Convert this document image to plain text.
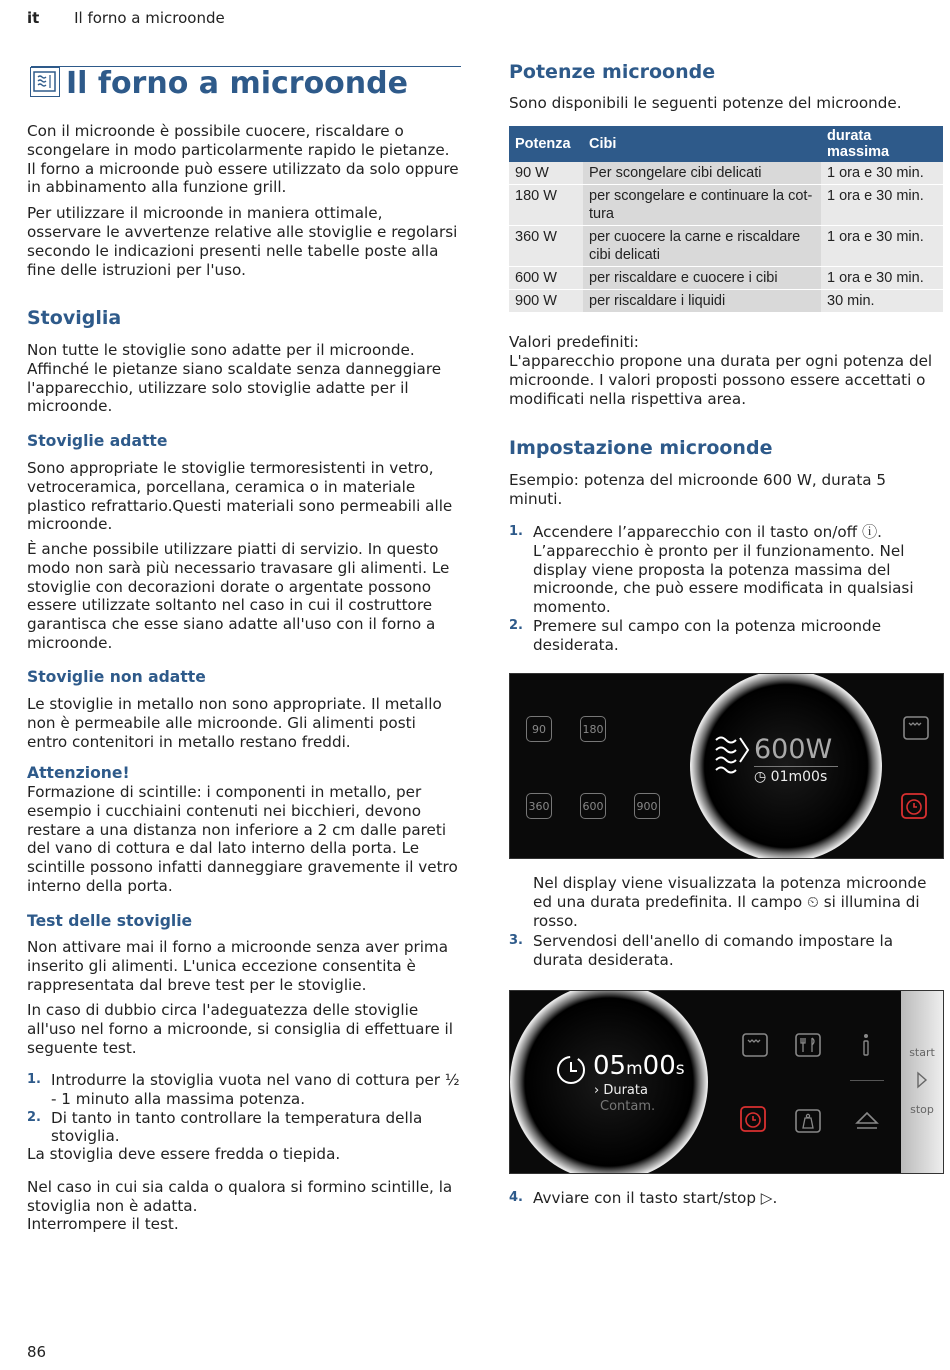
it Il forno a microonde
Il forno a microonde

Con il microonde è possibile cuocere, riscaldare o scongelare in modo particolarmente rapido le pietanze. Il forno a microonde può essere utilizzato da solo oppure in abbinamento alla funzione grill.

Per utilizzare il microonde in maniera ottimale, osservare le avvertenze relative alle stoviglie e regolarsi secondo le indicazioni presenti nelle tabelle poste alla fine delle istruzioni per l'uso.

Stoviglia

Non tutte le stoviglie sono adatte per il microonde. Affinché le pietanze siano scaldate senza danneggiare l'apparecchio, utilizzare solo stoviglie adatte per il microonde.

Stoviglie adatte

Sono appropriate le stoviglie termoresistenti in vetro, vetroceramica, porcellana, ceramica o in materiale plastico refrattario.Questi materiali sono permeabili alle microonde.

È anche possibile utilizzare piatti di servizio. In questo modo non sarà più necessario travasare gli alimenti. Le stoviglie con decorazioni dorate o argentate possono essere utilizzate soltanto nel caso in cui il costruttore garantisca che esse siano adatte all'uso con il forno a microonde.

Stoviglie non adatte

Le stoviglie in metallo non sono appropriate. Il metallo non è permeabile alle microonde. Gli alimenti posti entro contenitori in metallo restano freddi.

Attenzione!

Formazione di scintille: i componenti in metallo, per esempio i cucchiaini contenuti nei bicchieri, devono restare a una distanza non inferiore a 2 cm dalle pareti del vano di cottura e dal lato interno della porta. Le scintille possono infatti danneggiare gravemente il vetro interno della porta.

Test delle stoviglie

Non attivare mai il forno a microonde senza aver prima inserito gli alimenti. L'unica eccezione consentita è rappresentata dal breve test per le stoviglie.

In caso di dubbio circa l'adeguatezza delle stoviglie all'uso nel forno a microonde, si consiglia di effettuare il seguente test.

1. Introdurre la stoviglia vuota nel vano di cottura per ½ - 1 minuto alla massima potenza.
2. Di tanto in tanto controllare la temperatura della stoviglia.

La stoviglia deve essere fredda o tiepida.

Nel caso in cui sia calda o qualora si formino scintille, la stoviglia non è adatta.

Interrompere il test.

Potenze microonde

Sono disponibili le seguenti potenze del microonde.

Potenza	Cibi	durata massima
90 W	Per scongelare cibi delicati	1 ora e 30 min.
180 W	per scongelare e continuare la cot-tura	1 ora e 30 min.
360 W	per cuocere la carne e riscaldare cibi delicati	1 ora e 30 min.
600 W	per riscaldare e cuocere i cibi	1 ora e 30 min.
900 W	per riscaldare i liquidi	30 min.

Valori predefiniti:

L'apparecchio propone una durata per ogni potenza del microonde. I valori proposti possono essere accettati o modificati nella rispettiva area.

Impostazione microonde

Esempio: potenza del microonde 600 W, durata 5 minuti.

1. Accendere l’apparecchio con il tasto on/off ⓘ. L’apparecchio è pronto per il funzionamento. Nel display viene proposta la potenza massima del microonde, che può essere modificata in qualsiasi momento.
2. Premere sul campo con la potenza microonde desiderata.
90	180
360	600	900
600W
◷ 01m00s

Nel display viene visualizzata la potenza microonde ed una durata predefinita. Il campo ⏲ si illumina di rosso.

3. Servendosi dell'anello di comando impostare la durata desiderata.
05m00s
› Durata
Contam.
start
stop
4. Avviare con il tasto start/stop ▷.
86
